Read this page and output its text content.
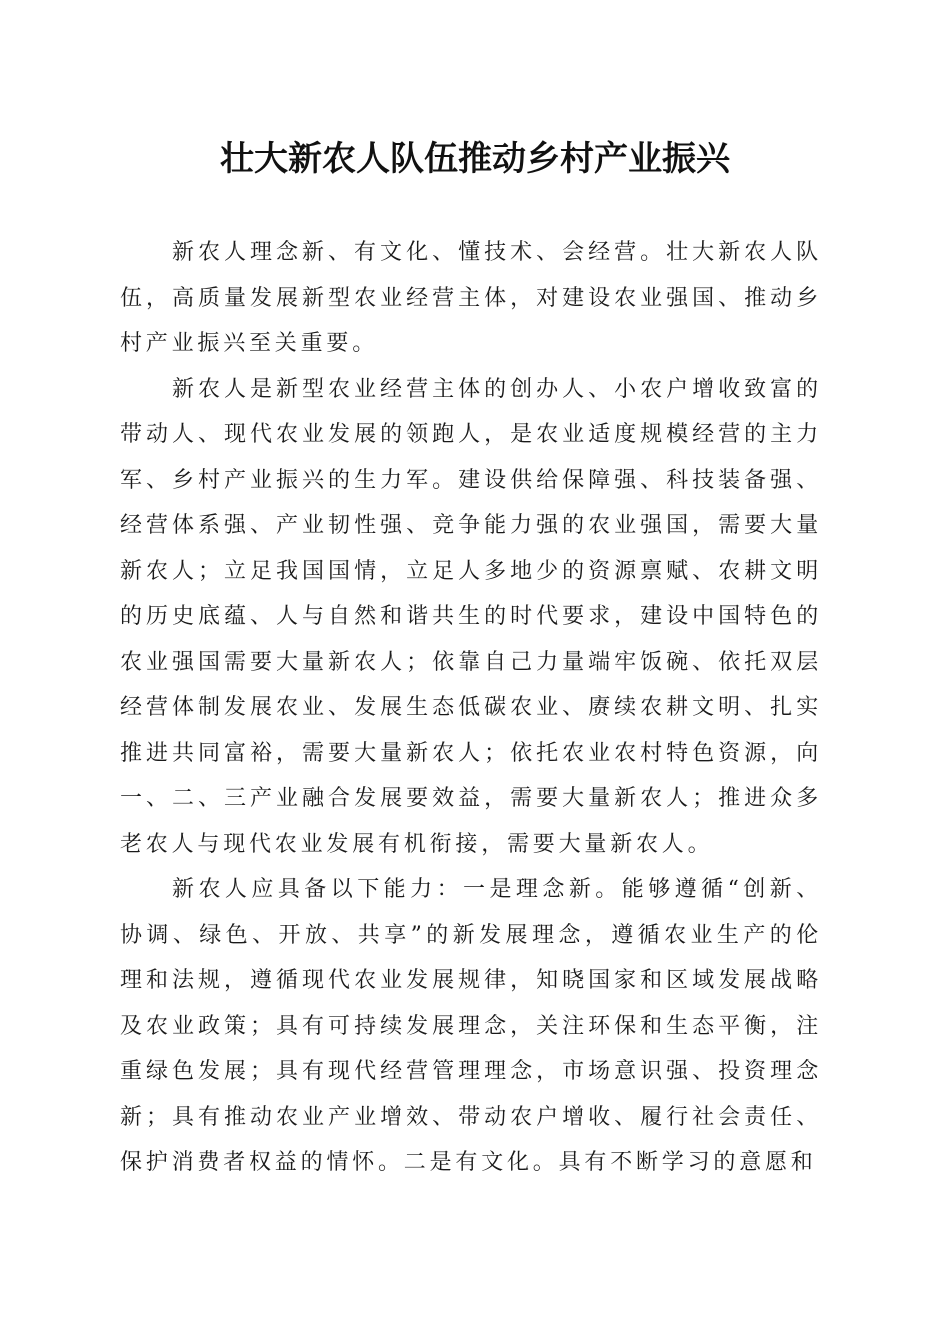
壮大新农人队伍推动乡村产业振兴

新农人理念新、有文化、懂技术、会经营。壮大新农人队伍，高质量发展新型农业经营主体，对建设农业强国、推动乡村产业振兴至关重要。

新农人是新型农业经营主体的创办人、小农户增收致富的带动人、现代农业发展的领跑人，是农业适度规模经营的主力军、乡村产业振兴的生力军。建设供给保障强、科技装备强、经营体系强、产业韧性强、竞争能力强的农业强国，需要大量新农人；立足我国国情，立足人多地少的资源禀赋、农耕文明的历史底蕴、人与自然和谐共生的时代要求，建设中国特色的农业强国需要大量新农人；依靠自己力量端牢饭碗、依托双层经营体制发展农业、发展生态低碳农业、赓续农耕文明、扎实推进共同富裕，需要大量新农人；依托农业农村特色资源，向一、二、三产业融合发展要效益，需要大量新农人；推进众多老农人与现代农业发展有机衔接，需要大量新农人。

新农人应具备以下能力：一是理念新。能够遵循“创新、协调、绿色、开放、共享”的新发展理念，遵循农业生产的伦理和法规，遵循现代农业发展规律，知晓国家和区域发展战略及农业政策；具有可持续发展理念，关注环保和生态平衡，注重绿色发展；具有现代经营管理理念，市场意识强、投资理念新；具有推动农业产业增效、带动农户增收、履行社会责任、保护消费者权益的情怀。二是有文化。具有不断学习的意愿和
